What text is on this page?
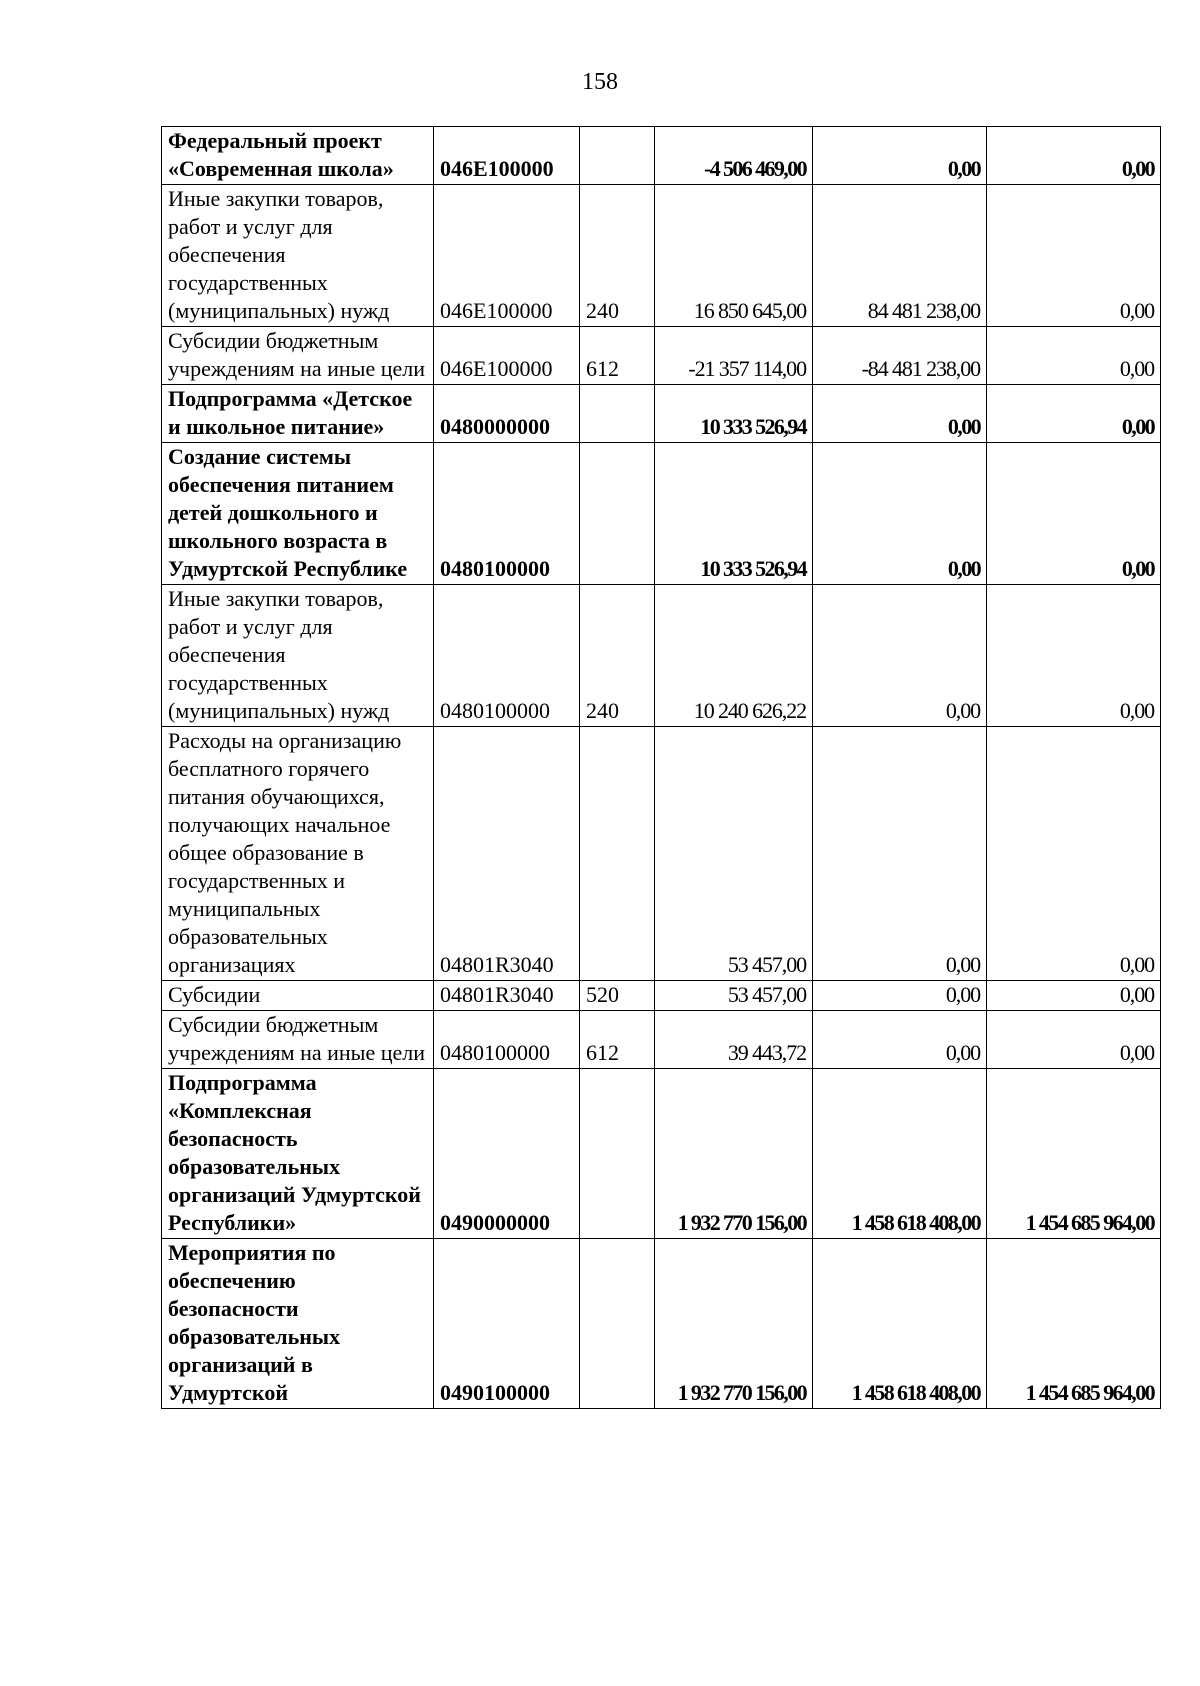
158
Федеральный проект «Современная школа»	046E100000		-4 506 469,00	0,00	0,00
Иные закупки товаров, работ и услуг для обеспечения государственных (муниципальных) нужд	046E100000	240	16 850 645,00	84 481 238,00	0,00
Субсидии бюджетным учреждениям на иные цели	046E100000	612	-21 357 114,00	-84 481 238,00	0,00
Подпрограмма «Детское и школьное питание»	0480000000		10 333 526,94	0,00	0,00
Создание системы обеспечения питанием детей дошкольного и школьного возраста в Удмуртской Республике	0480100000		10 333 526,94	0,00	0,00
Иные закупки товаров, работ и услуг для обеспечения государственных (муниципальных) нужд	0480100000	240	10 240 626,22	0,00	0,00
Расходы на организацию бесплатного горячего питания обучающихся, получающих начальное общее образование в государственных и муниципальных образовательных организациях	04801R3040		53 457,00	0,00	0,00
Субсидии	04801R3040	520	53 457,00	0,00	0,00
Субсидии бюджетным учреждениям на иные цели	0480100000	612	39 443,72	0,00	0,00
Подпрограмма «Комплексная безопасность образовательных организаций Удмуртской Республики»	0490000000		1 932 770 156,00	1 458 618 408,00	1 454 685 964,00
Мероприятия по обеспечению безопасности образовательных организаций в Удмуртской	0490100000		1 932 770 156,00	1 458 618 408,00	1 454 685 964,00
